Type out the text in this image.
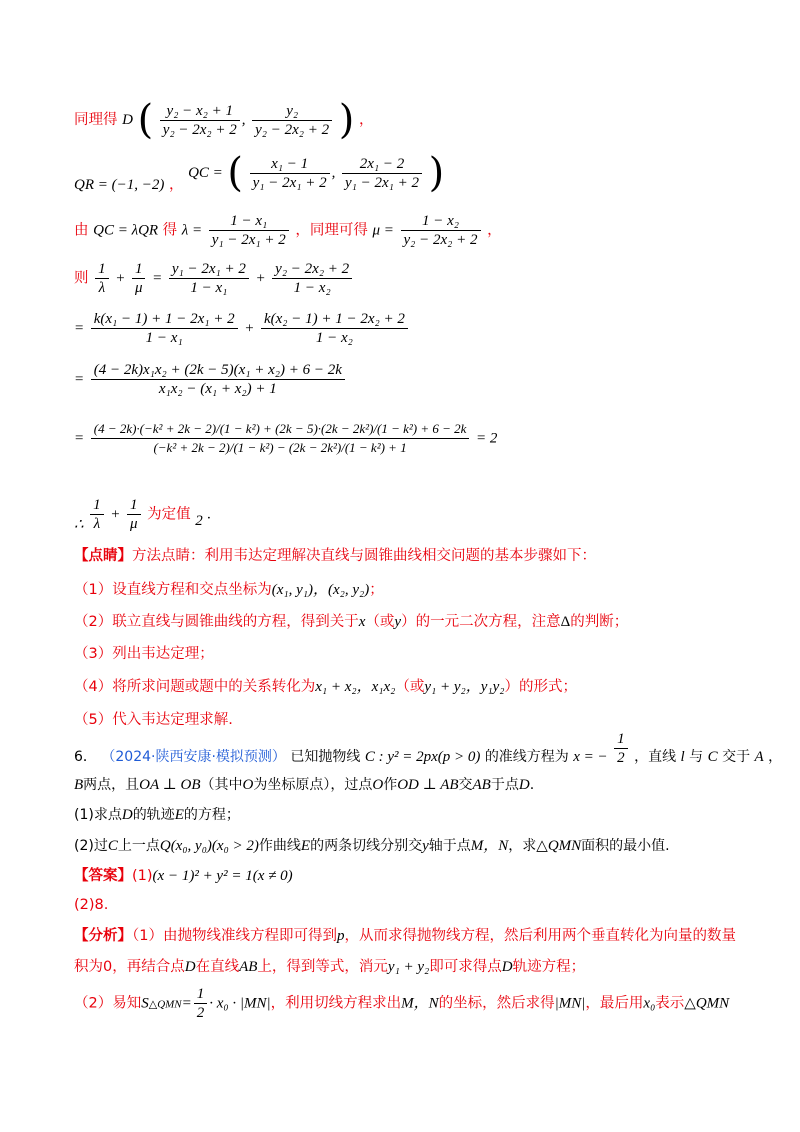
同理得 D ( $\frac{\text{y₂ − x₂ + 1}}{\text{y₂ − 2x₂ + 2}}$ , $\frac{\text{y₂}}{\text{y₂ − 2x₂ + 2}}$ ) ，
QR = (−1, −2) ， QC = ( $\frac{\text{x₁ − 1}}{\text{y₁ − 2x₁ + 2}}$ , $\frac{\text{2x₁ − 2}}{\text{y₁ − 2x₁ + 2}}$ )
由 QC = λQR 得 $\lambda = \frac{\text{1 − x₁}}{\text{y₁ − 2x₁ + 2}}$ ，同理可得 $\mu = \frac{\text{1 − x₂}}{\text{y₂ − 2x₂ + 2}}$ ，
则 $\frac{1}{\lambda} + \frac{1}{\mu} = \frac{\text{y₁ − 2x₁ + 2}}{\text{1 − x₁}} + \frac{\text{y₂ − 2x₂ + 2}}{\text{1 − x₂}}$
= $\frac{\text{k(x₁ − 1) + 1 − 2x₁ + 2}}{\text{1 − x₁}} + \frac{\text{k(x₂ − 1) + 1 − 2x₂ + 2}}{\text{1 − x₂}}$
= $\frac{\text{(4 − 2k)x₁x₂ + (2k − 5)(x₁ + x₂) + 6 − 2k}}{\text{x₁x₂ − (x₁ + x₂) + 1}}$
=
(4 − 2k)·(−k² + 2k − 2)/(1 − k²) + (2k − 5)·(2k − 2k²)/(1 − k²) + 6 − 2k
(−k² + 2k − 2)/(1 − k²) − (2k − 2k²)/(1 − k²) + 1
= 2
∴ $\frac{1}{\lambda} + \frac{1}{\mu}$ 为定值 2 .
【点睛】方法点睛：利用韦达定理解决直线与圆锥曲线相交问题的基本步骤如下：
（1）设直线方程和交点坐标为(x₁, y₁)，(x₂, y₂)；
（2）联立直线与圆锥曲线的方程，得到关于x（或y）的一元二次方程，注意Δ的判断；
（3）列出韦达定理；
（4）将所求问题或题中的关系转化为x₁ + x₂，x₁x₂（或y₁ + y₂，y₁y₂）的形式；
（5）代入韦达定理求解.
6． （2024·陕西安康·模拟预测） 已知抛物线 C : y² = 2px(p > 0) 的准线方程为 x = − $\frac{1}{2}$ ，直线 l 与 C 交于 A ，
B两点，且OA ⊥ OB（其中O为坐标原点），过点O作OD ⊥ AB交AB于点D.
(1)求点D的轨迹E的方程；
(2)过C上一点Q(x₀, y₀)(x₀ > 2)作曲线E的两条切线分别交y轴于点M，N，求△QMN面积的最小值.
【答案】(1)(x − 1)² + y² = 1(x ≠ 0)
(2)8.
【分析】（1）由抛物线准线方程即可得到p，从而求得抛物线方程，然后利用两个垂直转化为向量的数量
积为0，再结合点D在直线AB上，得到等式，消元y₁ + y₂即可求得点D轨迹方程；
（2）易知S△QMN= $\frac{1}{2} \cdot x_0 \cdot |MN|$，利用切线方程求出M，N的坐标，然后求得|MN|，最后用x₀表示△QMN
